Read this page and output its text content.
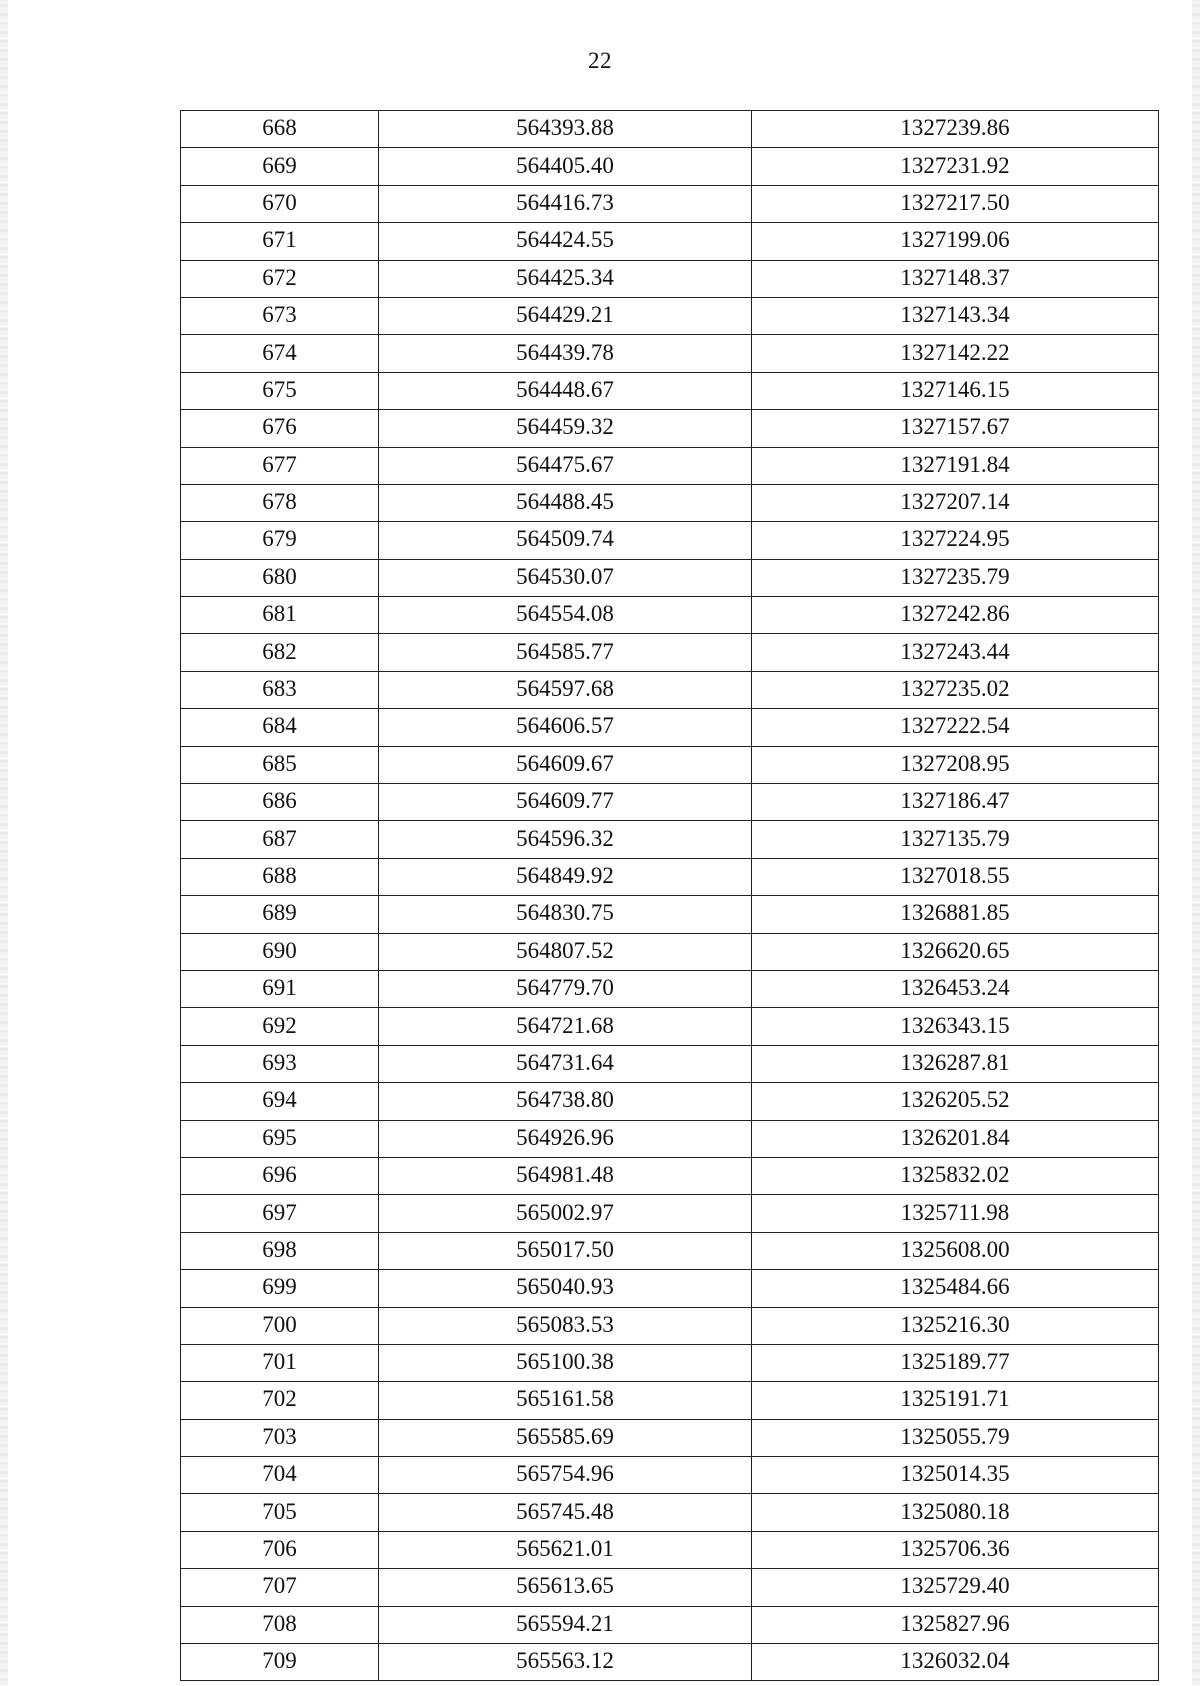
22
668	564393.88	1327239.86
669	564405.40	1327231.92
670	564416.73	1327217.50
671	564424.55	1327199.06
672	564425.34	1327148.37
673	564429.21	1327143.34
674	564439.78	1327142.22
675	564448.67	1327146.15
676	564459.32	1327157.67
677	564475.67	1327191.84
678	564488.45	1327207.14
679	564509.74	1327224.95
680	564530.07	1327235.79
681	564554.08	1327242.86
682	564585.77	1327243.44
683	564597.68	1327235.02
684	564606.57	1327222.54
685	564609.67	1327208.95
686	564609.77	1327186.47
687	564596.32	1327135.79
688	564849.92	1327018.55
689	564830.75	1326881.85
690	564807.52	1326620.65
691	564779.70	1326453.24
692	564721.68	1326343.15
693	564731.64	1326287.81
694	564738.80	1326205.52
695	564926.96	1326201.84
696	564981.48	1325832.02
697	565002.97	1325711.98
698	565017.50	1325608.00
699	565040.93	1325484.66
700	565083.53	1325216.30
701	565100.38	1325189.77
702	565161.58	1325191.71
703	565585.69	1325055.79
704	565754.96	1325014.35
705	565745.48	1325080.18
706	565621.01	1325706.36
707	565613.65	1325729.40
708	565594.21	1325827.96
709	565563.12	1326032.04
